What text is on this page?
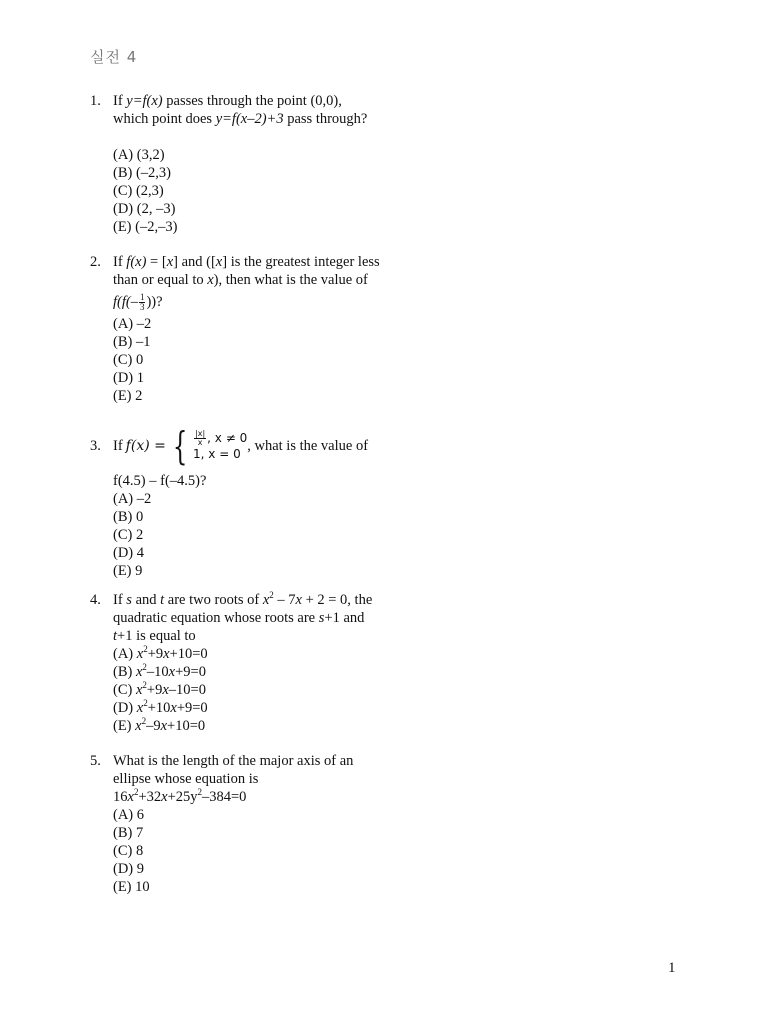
실전 4
1. If y=f(x) passes through the point (0,0),
which point does y=f(x–2)+3 pass through?
(A) (3,2)
(B) (–2,3)
(C) (2,3)
(D) (2, –3)
(E) (–2,–3)
2. If f(x) = [x] and ([x] is the greatest integer less
than or equal to x), then what is the value of
$f(f(- \frac{1}{3}$ ))?
(A) –2
(B) –1
(C) 0
(D) 1
(E) 2
3. If f(x) = { $\frac{|x|}{x}$ , x ≠ 0
1, x = 0 , what is the value of
f(4.5) – f(–4.5)?
(A) –2
(B) 0
(C) 2
(D) 4
(E) 9
4. If s and t are two roots of $x^2 - 7x + 2 = 0$, the
quadratic equation whose roots are s+1 and
t+1 is equal to
(A) $x^2+9x+10=0$
(B) $x^2-10x+9=0$
(C) $x^2+9x-10=0$
(D) $x^2+10x+9=0$
(E) $x^2-9x+10=0$
5. What is the length of the major axis of an
ellipse whose equation is
$16x^2+32x+25y^2-384=0$
(A) 6
(B) 7
(C) 8
(D) 9
(E) 10
1
